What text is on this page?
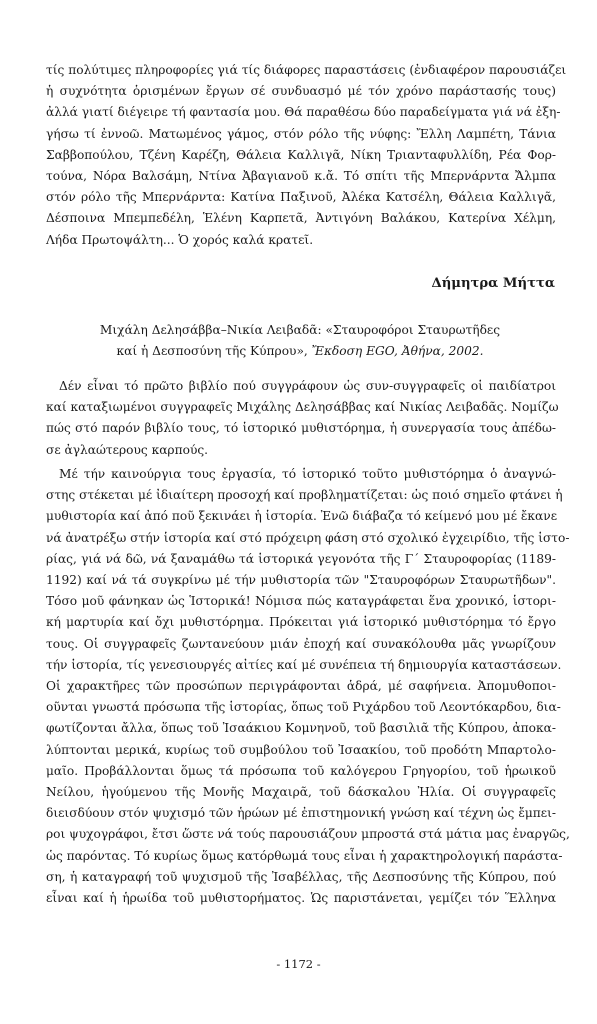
τίς πολύτιμες πληροφορίες γιά τίς διάφορες παραστάσεις (ἐνδιαφέρον παρουσιάζει
ἡ συχνότητα ὁρισμένων ἔργων σέ συνδυασμό μέ τόν χρόνο παράστασής τους)
ἀλλά γιατί διέγειρε τή φαντασία μου. Θά παραθέσω δύο παραδείγματα γιά νά ἐξη-
γήσω τί ἐννοῶ. Ματωμένος γάμος, στόν ρόλο τῆς νύφης: Ἔλλη Λαμπέτη, Τάνια
Σαββοπούλου, Τζένη Καρέζη, Θάλεια Καλλιγᾶ, Νίκη Τριανταφυλλίδη, Ρέα Φορ-
τούνα, Νόρα Βαλσάμη, Ντίνα Ἀβαγιανοῦ κ.ἄ. Τό σπίτι τῆς Μπερνάρντα Ἄλμπα
στόν ρόλο τῆς Μπερνάρντα: Κατίνα Παξινοῦ, Ἀλέκα Κατσέλη, Θάλεια Καλλιγᾶ,
Δέσποινα Μπεμπεδέλη, Ἑλένη Καρπετᾶ, Ἀντιγόνη Βαλάκου, Κατερίνα Χέλμη,
Λήδα Πρωτοψάλτη... Ὁ χορός καλά κρατεῖ.
Δήμητρα Μήττα
Μιχάλη Δελησάββα–Νικία Λειβαδᾶ: «Σταυροφόροι Σταυρωτῆδες
καί ἡ Δεσποσύνη τῆς Κύπρου», Ἔκδοση EGO, Ἀθήνα, 2002.
Δέν εἶναι τό πρῶτο βιβλίο πού συγγράφουν ὡς συν-συγγραφεῖς οἱ παιδίατροι
καί καταξιωμένοι συγγραφεῖς Μιχάλης Δελησάββας καί Νικίας Λειβαδᾶς. Νομίζω
πώς στό παρόν βιβλίο τους, τό ἱστορικό μυθιστόρημα, ἡ συνεργασία τους ἀπέδω-
σε ἀγλαώτερους καρπούς.
Μέ τήν καινούργια τους ἐργασία, τό ἱστορικό τοῦτο μυθιστόρημα ὁ ἀναγνώ-
στης στέκεται μέ ἰδιαίτερη προσοχή καί προβληματίζεται: ὡς ποιό σημεῖο φτάνει ἡ
μυθιστορία καί ἀπό ποῦ ξεκινάει ἡ ἱστορία. Ἐνῶ διάβαζα τό κείμενό μου μέ ἔκανε
νά ἀνατρέξω στήν ἱστορία καί στό πρόχειρη φάση στό σχολικό ἐγχειρίδιο, τῆς ἱστο-
ρίας, γιά νά δῶ, νά ξαναμάθω τά ἱστορικά γεγονότα τῆς Γ΄ Σταυροφορίας (1189-
1192) καί νά τά συγκρίνω μέ τήν μυθιστορία τῶν "Σταυροφόρων Σταυρωτῆδων".
Τόσο μοῦ φάνηκαν ὡς Ἱστορικά! Νόμισα πώς καταγράφεται ἕνα χρονικό, ἱστορι-
κή μαρτυρία καί ὄχι μυθιστόρημα. Πρόκειται γιά ἱστορικό μυθιστόρημα τό ἔργο
τους. Οἱ συγγραφεῖς ζωντανεύουν μιάν ἐποχή καί συνακόλουθα μᾶς γνωρίζουν
τήν ἱστορία, τίς γενεσιουργές αἰτίες καί μέ συνέπεια τή δημιουργία καταστάσεων.
Οἱ χαρακτῆρες τῶν προσώπων περιγράφονται ἁδρά, μέ σαφήνεια. Ἀπομυθοποι-
οῦνται γνωστά πρόσωπα τῆς ἱστορίας, ὅπως τοῦ Ριχάρδου τοῦ Λεοντόκαρδου, δια-
φωτίζονται ἄλλα, ὅπως τοῦ Ἰσαάκιου Κομνηνοῦ, τοῦ βασιλιᾶ τῆς Κύπρου, ἀποκα-
λύπτονται μερικά, κυρίως τοῦ συμβούλου τοῦ Ἰσαακίου, τοῦ προδότη Μπαρτολο-
μαῖο. Προβάλλονται ὅμως τά πρόσωπα τοῦ καλόγερου Γρηγορίου, τοῦ ἡρωικοῦ
Νείλου, ἡγούμενου τῆς Μονῆς Μαχαιρᾶ, τοῦ δάσκαλου Ἠλία. Οἱ συγγραφεῖς
διεισδύουν στόν ψυχισμό τῶν ἡρώων μέ ἐπιστημονική γνώση καί τέχνη ὡς ἔμπει-
ροι ψυχογράφοι, ἔτσι ὥστε νά τούς παρουσιάζουν μπροστά στά μάτια μας ἐναργῶς,
ὡς παρόντας. Τό κυρίως ὅμως κατόρθωμά τους εἶναι ἡ χαρακτηρολογική παράστα-
ση, ἡ καταγραφή τοῦ ψυχισμοῦ τῆς Ἰσαβέλλας, τῆς Δεσποσύνης τῆς Κύπρου, πού
εἶναι καί ἡ ἡρωίδα τοῦ μυθιστορήματος. Ὡς παριστάνεται, γεμίζει τόν Ἕλληνα
- 1172 -
